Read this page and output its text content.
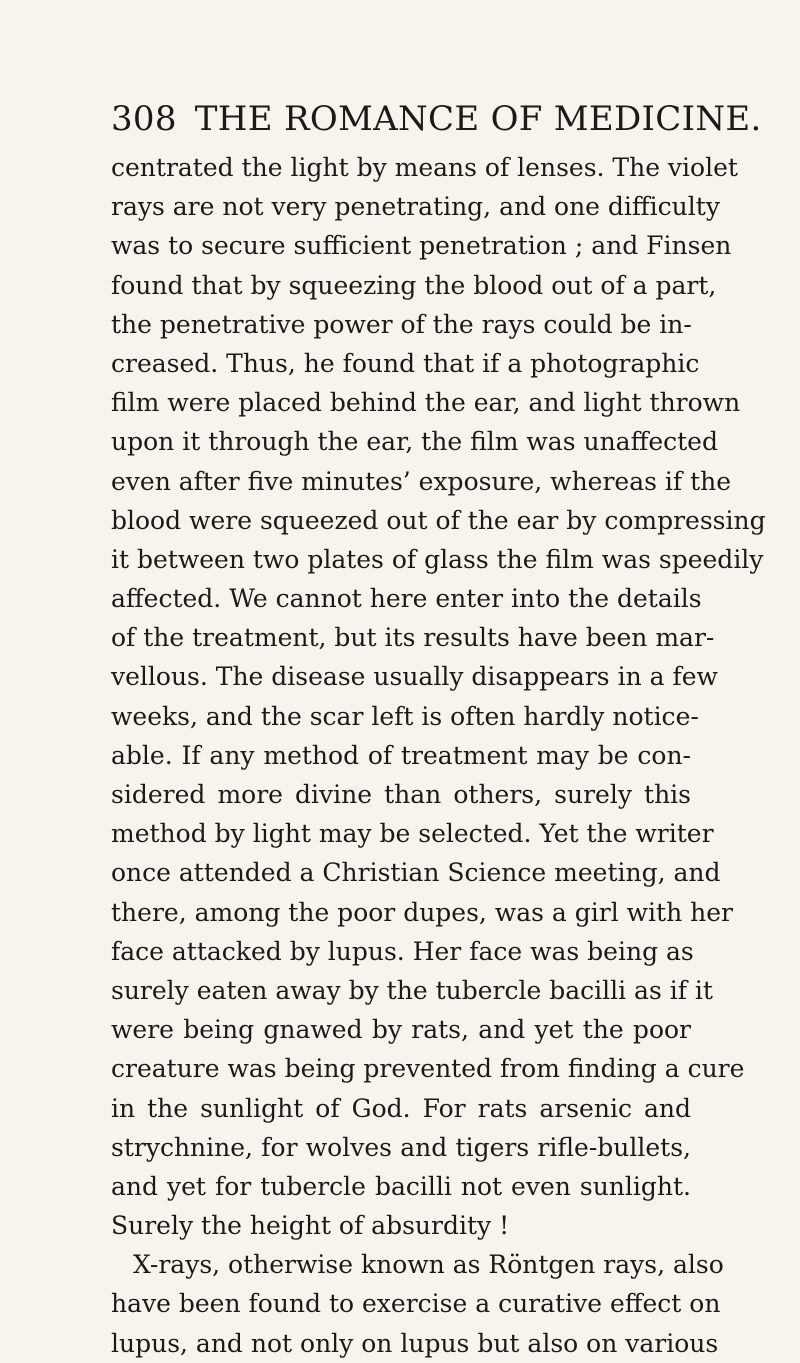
308 THE ROMANCE OF MEDICINE.
centrated the light by means of lenses. The violet
rays are not very penetrating, and one difficulty
was to secure sufficient penetration ; and Finsen
found that by squeezing the blood out of a part,
the penetrative power of the rays could be in-
creased. Thus, he found that if a photographic
film were placed behind the ear, and light thrown
upon it through the ear, the film was unaffected
even after five minutes’ exposure, whereas if the
blood were squeezed out of the ear by compressing
it between two plates of glass the film was speedily
affected. We cannot here enter into the details
of the treatment, but its results have been mar-
vellous. The disease usually disappears in a few
weeks, and the scar left is often hardly notice-
able. If any method of treatment may be con-
sidered more divine than others, surely this
method by light may be selected. Yet the writer
once attended a Christian Science meeting, and
there, among the poor dupes, was a girl with her
face attacked by lupus. Her face was being as
surely eaten away by the tubercle bacilli as if it
were being gnawed by rats, and yet the poor
creature was being prevented from finding a cure
in the sunlight of God. For rats arsenic and
strychnine, for wolves and tigers rifle-bullets,
and yet for tubercle bacilli not even sunlight.
Surely the height of absurdity !
X-rays, otherwise known as Röntgen rays, also
have been found to exercise a curative effect on
lupus, and not only on lupus but also on various
